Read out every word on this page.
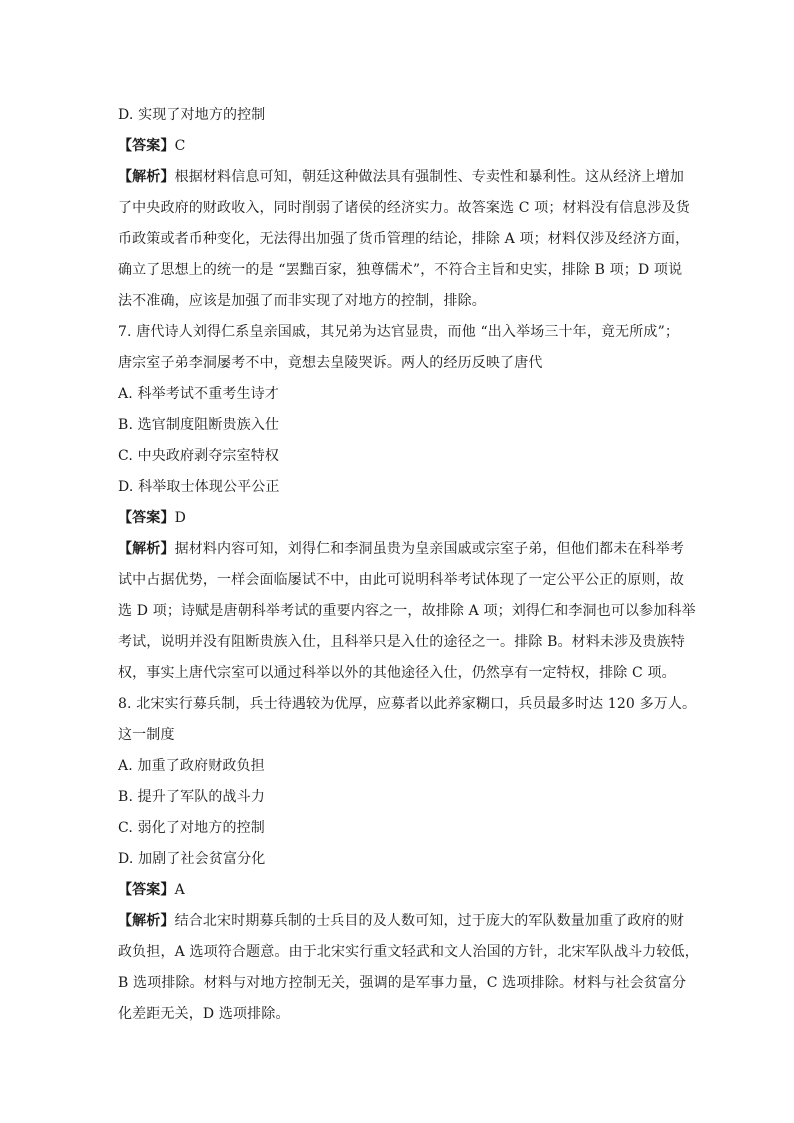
D. 实现了对地方的控制
【答案】C
【解析】根据材料信息可知，朝廷这种做法具有强制性、专卖性和暴利性。这从经济上增加
了中央政府的财政收入，同时削弱了诸侯的经济实力。故答案选 C 项；材料没有信息涉及货
币政策或者币种变化，无法得出加强了货币管理的结论，排除 A 项；材料仅涉及经济方面，
确立了思想上的统一的是 “罢黜百家，独尊儒术”，不符合主旨和史实，排除 B 项；D 项说
法不准确，应该是加强了而非实现了对地方的控制，排除。
7. 唐代诗人刘得仁系皇亲国戚，其兄弟为达官显贵，而他 “出入举场三十年，竟无所成”；
唐宗室子弟李洞屡考不中，竟想去皇陵哭诉。两人的经历反映了唐代
A. 科举考试不重考生诗才
B. 选官制度阻断贵族入仕
C. 中央政府剥夺宗室特权
D. 科举取士体现公平公正
【答案】D
【解析】据材料内容可知，刘得仁和李洞虽贵为皇亲国戚或宗室子弟，但他们都未在科举考
试中占据优势，一样会面临屡试不中，由此可说明科举考试体现了一定公平公正的原则，故
选 D 项；诗赋是唐朝科举考试的重要内容之一，故排除 A 项；刘得仁和李洞也可以参加科举
考试，说明并没有阻断贵族入仕，且科举只是入仕的途径之一。排除 B。材料未涉及贵族特
权，事实上唐代宗室可以通过科举以外的其他途径入仕，仍然享有一定特权，排除 C 项。
8. 北宋实行募兵制，兵士待遇较为优厚，应募者以此养家糊口，兵员最多时达 120 多万人。
这一制度
A. 加重了政府财政负担
B. 提升了军队的战斗力
C. 弱化了对地方的控制
D. 加剧了社会贫富分化
【答案】A
【解析】结合北宋时期募兵制的士兵目的及人数可知，过于庞大的军队数量加重了政府的财
政负担，A 选项符合题意。由于北宋实行重文轻武和文人治国的方针，北宋军队战斗力较低，
B 选项排除。材料与对地方控制无关，强调的是军事力量，C 选项排除。材料与社会贫富分
化差距无关，D 选项排除。
